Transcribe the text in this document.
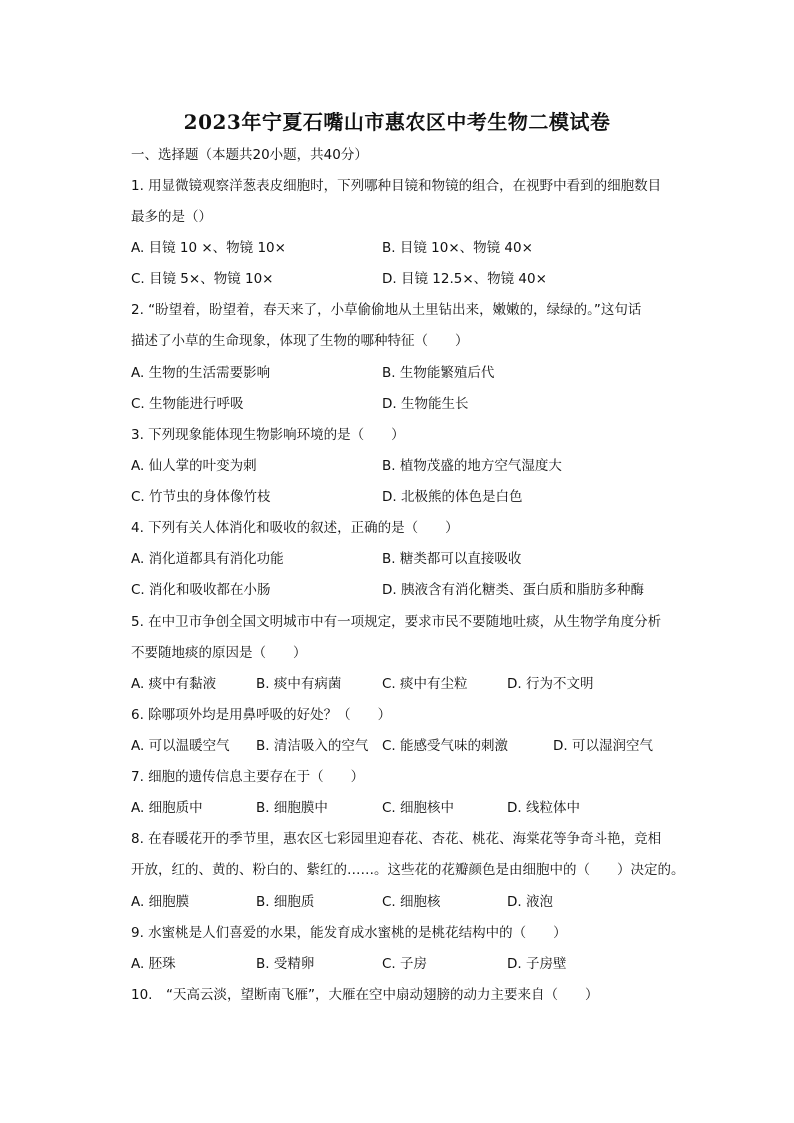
2023年宁夏石嘴山市惠农区中考生物二模试卷
一、选择题（本题共20小题，共40分）
1. 用显微镜观察洋葱表皮细胞时，下列哪种目镜和物镜的组合，在视野中看到的细胞数目
最多的是（）
A. 目镜 10 ×、物镜 10×	B. 目镜 10×、物镜 40×
C. 目镜 5×、物镜 10×	D. 目镜 12.5×、物镜 40×
2. “盼望着，盼望着，春天来了，小草偷偷地从土里钻出来，嫩嫩的，绿绿的。”这句话
描述了小草的生命现象，体现了生物的哪种特征（　　）
A. 生物的生活需要影响	B. 生物能繁殖后代
C. 生物能进行呼吸	D. 生物能生长
3. 下列现象能体现生物影响环境的是（　　）
A. 仙人掌的叶变为刺	B. 植物茂盛的地方空气湿度大
C. 竹节虫的身体像竹枝	D. 北极熊的体色是白色
4. 下列有关人体消化和吸收的叙述，正确的是（　　）
A. 消化道都具有消化功能	B. 糖类都可以直接吸收
C. 消化和吸收都在小肠	D. 胰液含有消化糖类、蛋白质和脂肪多种酶
5. 在中卫市争创全国文明城市中有一项规定，要求市民不要随地吐痰，从生物学角度分析
不要随地痰的原因是（　　）
A. 痰中有黏液	B. 痰中有病菌	C. 痰中有尘粒	D. 行为不文明
6. 除哪项外均是用鼻呼吸的好处？（　　）
A. 可以温暖空气 B. 清洁吸入的空气 C. 能感受气味的刺激	D. 可以湿润空气
7. 细胞的遗传信息主要存在于（　　）
A. 细胞质中	B. 细胞膜中	C. 细胞核中	D. 线粒体中
8. 在春暖花开的季节里，惠农区七彩园里迎春花、杏花、桃花、海棠花等争奇斗艳，竞相
开放，红的、黄的、粉白的、紫红的……。这些花的花瓣颜色是由细胞中的（　　）决定的。
A. 细胞膜	B. 细胞质	C. 细胞核	D. 液泡
9. 水蜜桃是人们喜爱的水果，能发育成水蜜桃的是桃花结构中的（　　）
A. 胚珠	B. 受精卵	C. 子房	D. 子房壁
10.　“天高云淡，望断南飞雁”，大雁在空中扇动翅膀的动力主要来自（　　）
